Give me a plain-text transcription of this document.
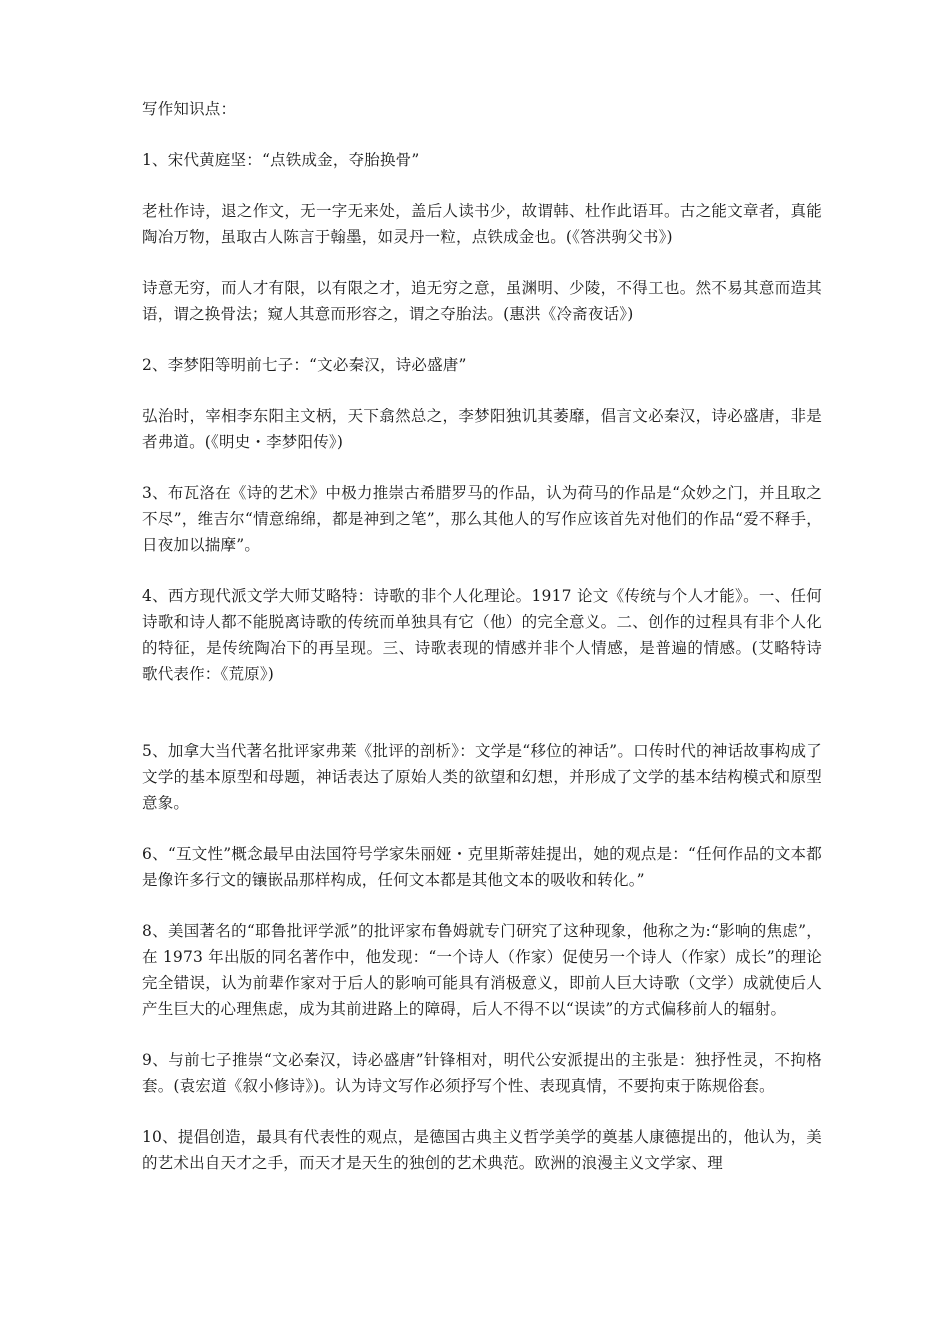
写作知识点：

1、宋代黄庭坚：“点铁成金，夺胎换骨”

老杜作诗，退之作文，无一字无来处，盖后人读书少，故谓韩、杜作此语耳。古之能文章者，真能陶冶万物，虽取古人陈言于翰墨，如灵丹一粒，点铁成金也。(《答洪驹父书》)

诗意无穷，而人才有限，以有限之才，追无穷之意，虽渊明、少陵，不得工也。然不易其意而造其语，谓之换骨法；窥人其意而形容之，谓之夺胎法。(惠洪《冷斋夜话》)

2、李梦阳等明前七子：“文必秦汉，诗必盛唐”

弘治时，宰相李东阳主文柄，天下翕然总之，李梦阳独讥其萎靡，倡言文必秦汉，诗必盛唐，非是者弗道。(《明史・李梦阳传》)

3、布瓦洛在《诗的艺术》中极力推崇古希腊罗马的作品，认为荷马的作品是“众妙之门，并且取之不尽”，维吉尔“情意绵绵，都是神到之笔”，那么其他人的写作应该首先对他们的作品“爱不释手，日夜加以揣摩”。

4、西方现代派文学大师艾略特：诗歌的非个人化理论。1917 论文《传统与个人才能》。一、任何诗歌和诗人都不能脱离诗歌的传统而单独具有它（他）的完全意义。二、创作的过程具有非个人化的特征，是传统陶冶下的再呈现。三、诗歌表现的情感并非个人情感，是普遍的情感。(艾略特诗歌代表作：《荒原》)

5、加拿大当代著名批评家弗莱《批评的剖析》：文学是“移位的神话”。口传时代的神话故事构成了文学的基本原型和母题，神话表达了原始人类的欲望和幻想，并形成了文学的基本结构模式和原型意象。

6、“互文性”概念最早由法国符号学家朱丽娅・克里斯蒂娃提出，她的观点是：“任何作品的文本都是像许多行文的镶嵌品那样构成，任何文本都是其他文本的吸收和转化。”

8、美国著名的“耶鲁批评学派”的批评家布鲁姆就专门研究了这种现象，他称之为:“影响的焦虑”，在 1973 年出版的同名著作中，他发现：“一个诗人（作家）促使另一个诗人（作家）成长”的理论完全错误，认为前辈作家对于后人的影响可能具有消极意义，即前人巨大诗歌（文学）成就使后人产生巨大的心理焦虑，成为其前进路上的障碍，后人不得不以“误读”的方式偏移前人的辐射。

9、与前七子推崇“文必秦汉，诗必盛唐”针锋相对，明代公安派提出的主张是：独抒性灵，不拘格套。(袁宏道《叙小修诗》)。认为诗文写作必须抒写个性、表现真情，不要拘束于陈规俗套。

10、提倡创造，最具有代表性的观点，是德国古典主义哲学美学的奠基人康德提出的，他认为，美的艺术出自天才之手，而天才是天生的独创的艺术典范。欧洲的浪漫主义文学家、理
